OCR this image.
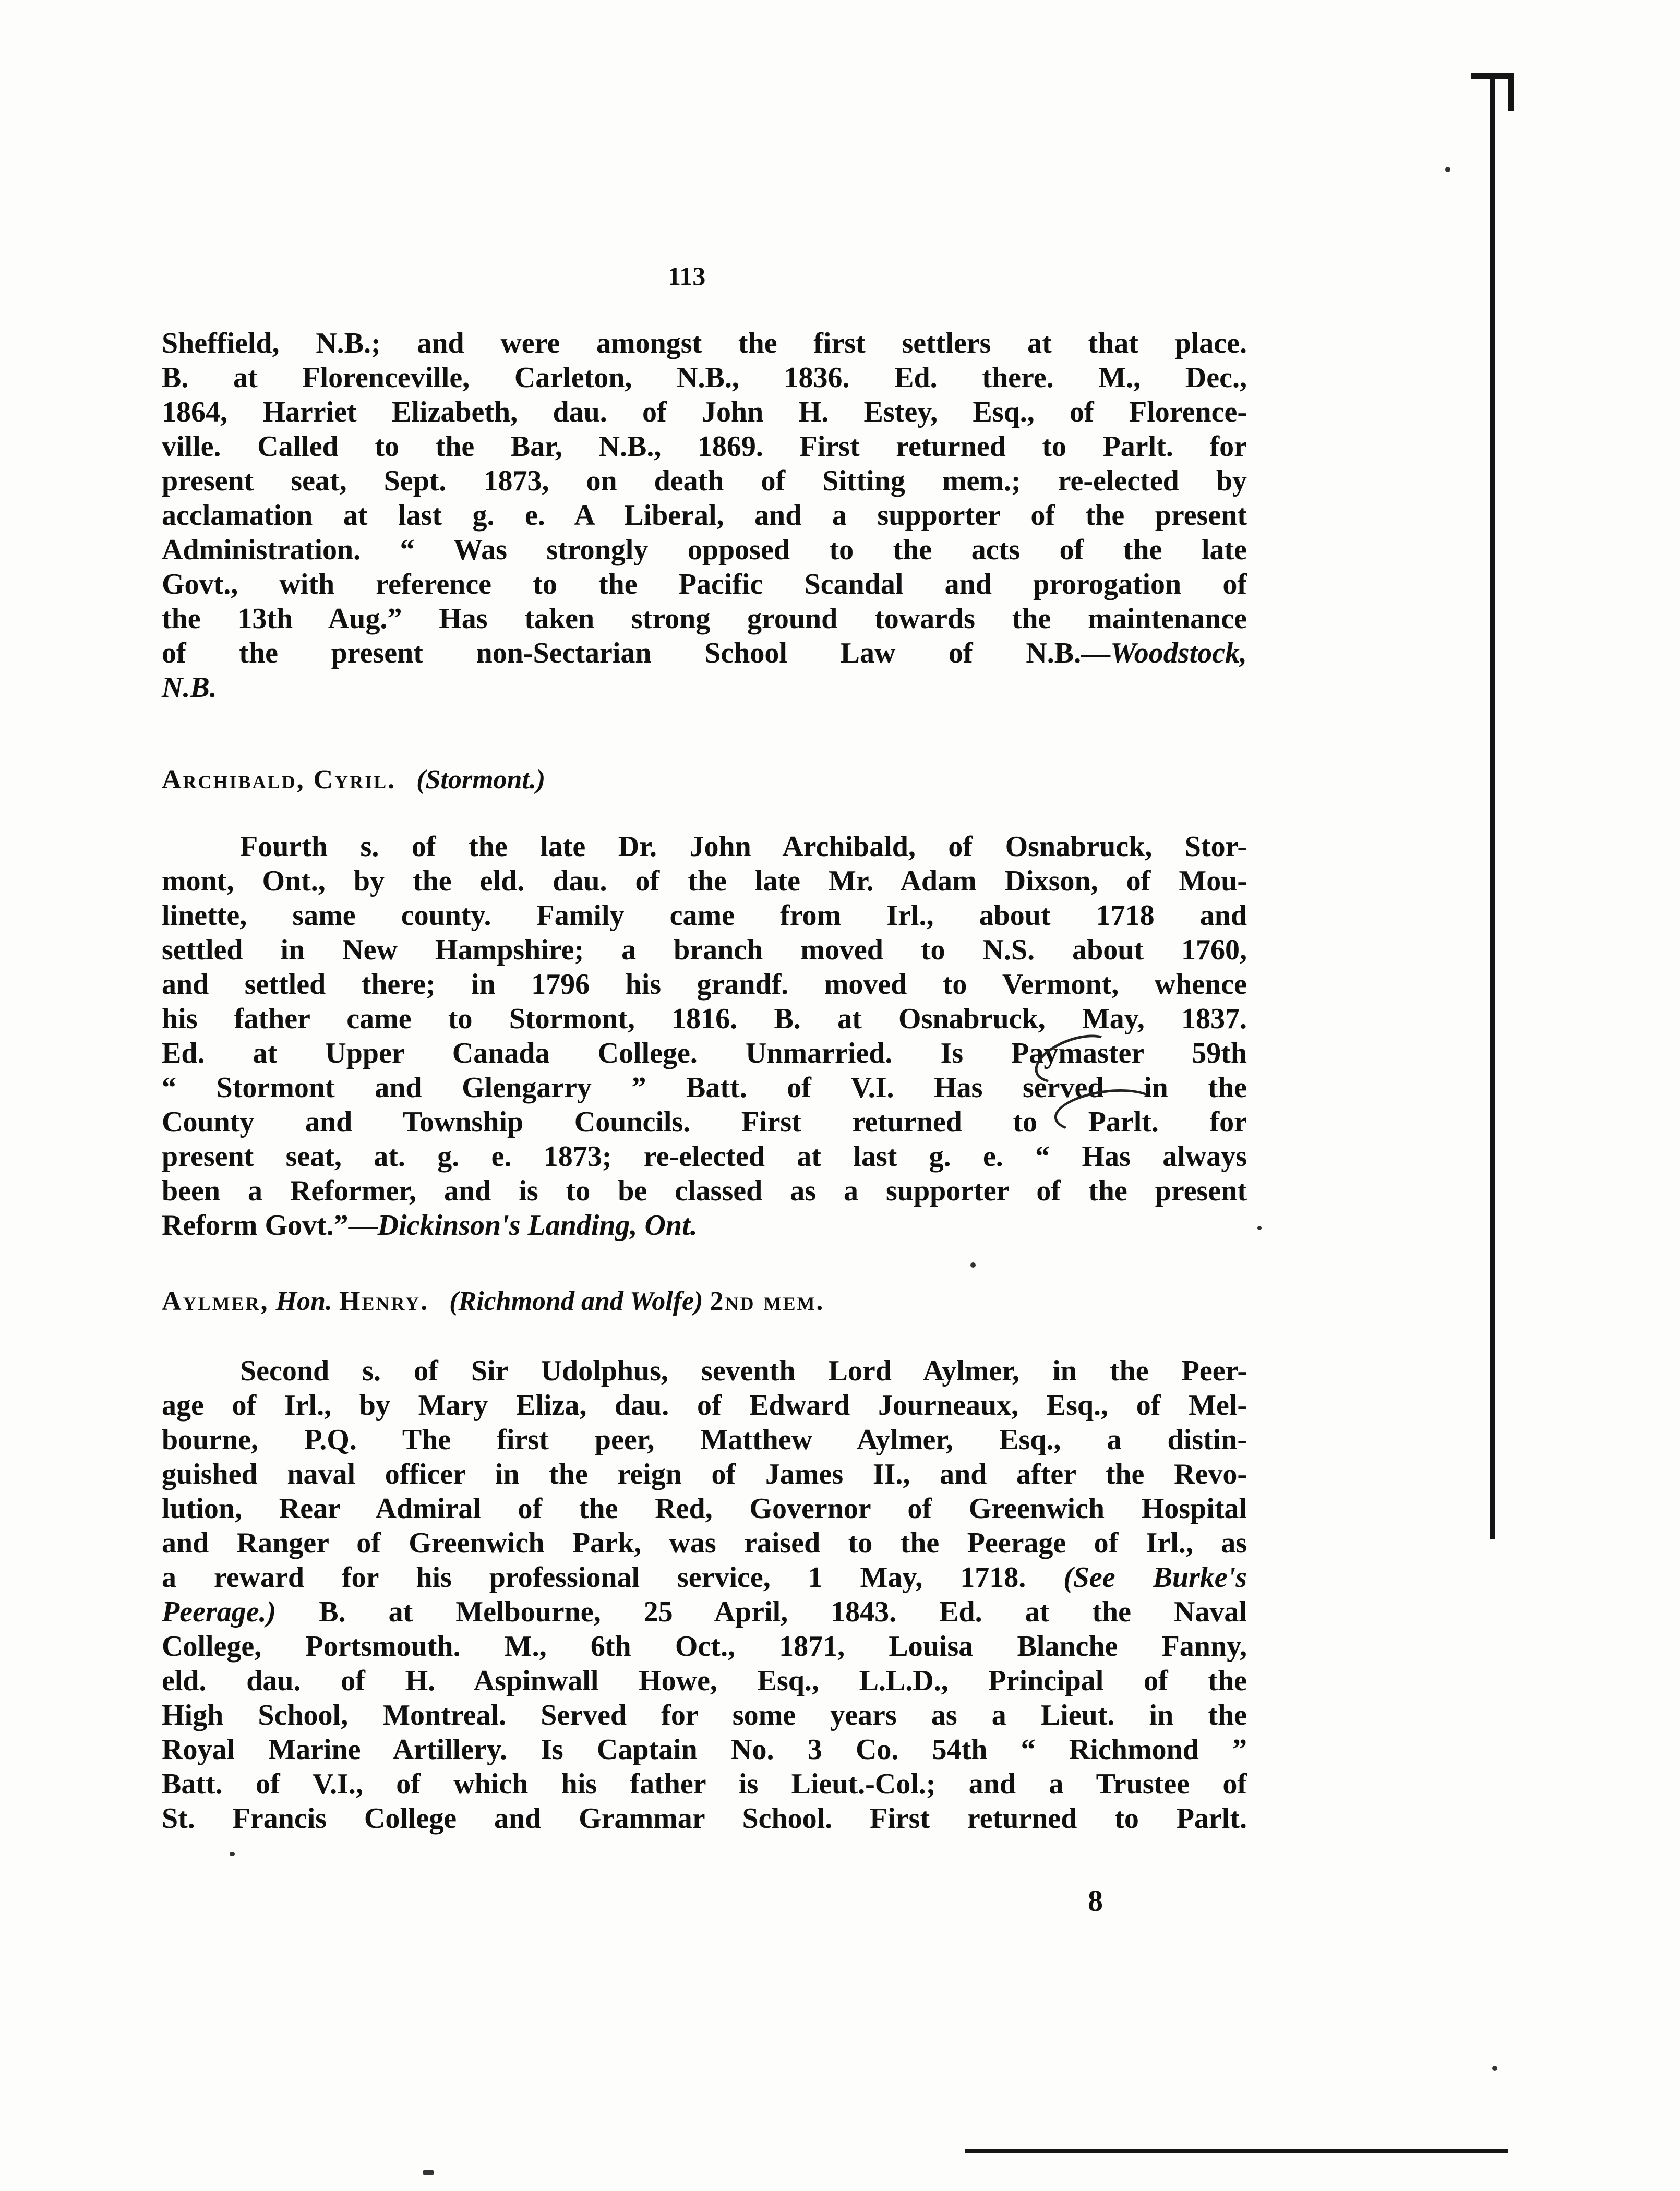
113
Sheffield, N.B.; and were amongst the first settlers at that place.
B. at Florenceville, Carleton, N.B., 1836. Ed. there. M., Dec.,
1864, Harriet Elizabeth, dau. of John H. Estey, Esq., of Florence-
ville. Called to the Bar, N.B., 1869. First returned to Parlt. for
present seat, Sept. 1873, on death of Sitting mem.; re-elected by
acclamation at last g. e. A Liberal, and a supporter of the present
Administration. “ Was strongly opposed to the acts of the late
Govt., with reference to the Pacific Scandal and prorogation of
the 13th Aug.” Has taken strong ground towards the maintenance
of the present non-Sectarian School Law of N.B.—Woodstock,
N.B.
Archibald, Cyril. (Stormont.)
Fourth s. of the late Dr. John Archibald, of Osnabruck, Stor-
mont, Ont., by the eld. dau. of the late Mr. Adam Dixson, of Mou-
linette, same county. Family came from Irl., about 1718 and
settled in New Hampshire; a branch moved to N.S. about 1760,
and settled there; in 1796 his grandf. moved to Vermont, whence
his father came to Stormont, 1816. B. at Osnabruck, May, 1837.
Ed. at Upper Canada College. Unmarried. Is Paymaster 59th
“ Stormont and Glengarry ” Batt. of V.I. Has served in the
County and Township Councils. First returned to Parlt. for
present seat, at. g. e. 1873; re-elected at last g. e. “ Has always
been a Reformer, and is to be classed as a supporter of the present
Reform Govt.”—Dickinson's Landing, Ont.
Aylmer, Hon. Henry. (Richmond and Wolfe) 2nd mem.
Second s. of Sir Udolphus, seventh Lord Aylmer, in the Peer-
age of Irl., by Mary Eliza, dau. of Edward Journeaux, Esq., of Mel-
bourne, P.Q. The first peer, Matthew Aylmer, Esq., a distin-
guished naval officer in the reign of James II., and after the Revo-
lution, Rear Admiral of the Red, Governor of Greenwich Hospital
and Ranger of Greenwich Park, was raised to the Peerage of Irl., as
a reward for his professional service, 1 May, 1718. (See Burke's
Peerage.) B. at Melbourne, 25 April, 1843. Ed. at the Naval
College, Portsmouth. M., 6th Oct., 1871, Louisa Blanche Fanny,
eld. dau. of H. Aspinwall Howe, Esq., L.L.D., Principal of the
High School, Montreal. Served for some years as a Lieut. in the
Royal Marine Artillery. Is Captain No. 3 Co. 54th “ Richmond ”
Batt. of V.I., of which his father is Lieut.-Col.; and a Trustee of
St. Francis College and Grammar School. First returned to Parlt.
8
